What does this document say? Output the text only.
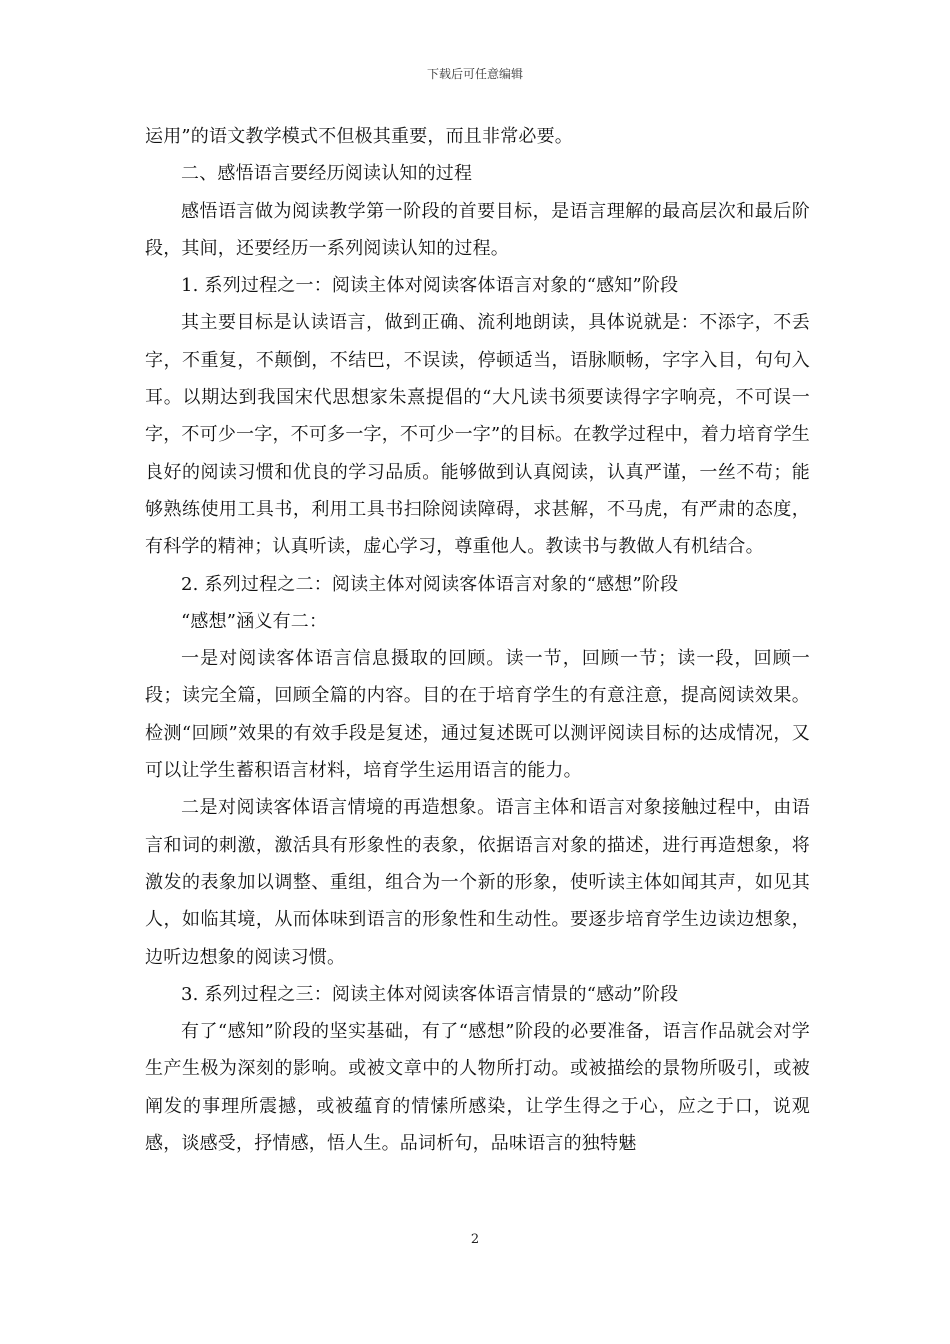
下载后可任意编辑

运用”的语文教学模式不但极其重要，而且非常必要。

二、感悟语言要经历阅读认知的过程

感悟语言做为阅读教学第一阶段的首要目标，是语言理解的最高层次和最后阶段，其间，还要经历一系列阅读认知的过程。

1. 系列过程之一：阅读主体对阅读客体语言对象的“感知”阶段

其主要目标是认读语言，做到正确、流利地朗读，具体说就是：不添字，不丢字，不重复，不颠倒，不结巴，不误读，停顿适当，语脉顺畅，字字入目，句句入耳。以期达到我国宋代思想家朱熹提倡的“大凡读书须要读得字字响亮，不可误一字，不可少一字，不可多一字，不可少一字”的目标。在教学过程中，着力培育学生良好的阅读习惯和优良的学习品质。能够做到认真阅读，认真严谨，一丝不苟；能够熟练使用工具书，利用工具书扫除阅读障碍，求甚解，不马虎，有严肃的态度，有科学的精神；认真听读，虚心学习，尊重他人。教读书与教做人有机结合。

2. 系列过程之二：阅读主体对阅读客体语言对象的“感想”阶段

“感想”涵义有二：

一是对阅读客体语言信息摄取的回顾。读一节，回顾一节；读一段，回顾一段；读完全篇，回顾全篇的内容。目的在于培育学生的有意注意，提高阅读效果。检测“回顾”效果的有效手段是复述，通过复述既可以测评阅读目标的达成情况，又可以让学生蓄积语言材料，培育学生运用语言的能力。

二是对阅读客体语言情境的再造想象。语言主体和语言对象接触过程中，由语言和词的刺激，激活具有形象性的表象，依据语言对象的描述，进行再造想象，将激发的表象加以调整、重组，组合为一个新的形象，使听读主体如闻其声，如见其人，如临其境，从而体味到语言的形象性和生动性。要逐步培育学生边读边想象，边听边想象的阅读习惯。

3. 系列过程之三：阅读主体对阅读客体语言情景的“感动”阶段

有了“感知”阶段的坚实基础，有了“感想”阶段的必要准备，语言作品就会对学生产生极为深刻的影响。或被文章中的人物所打动。或被描绘的景物所吸引，或被阐发的事理所震撼，或被蕴育的情愫所感染，让学生得之于心，应之于口，说观感，谈感受，抒情感，悟人生。品词析句，品味语言的独特魅

2
